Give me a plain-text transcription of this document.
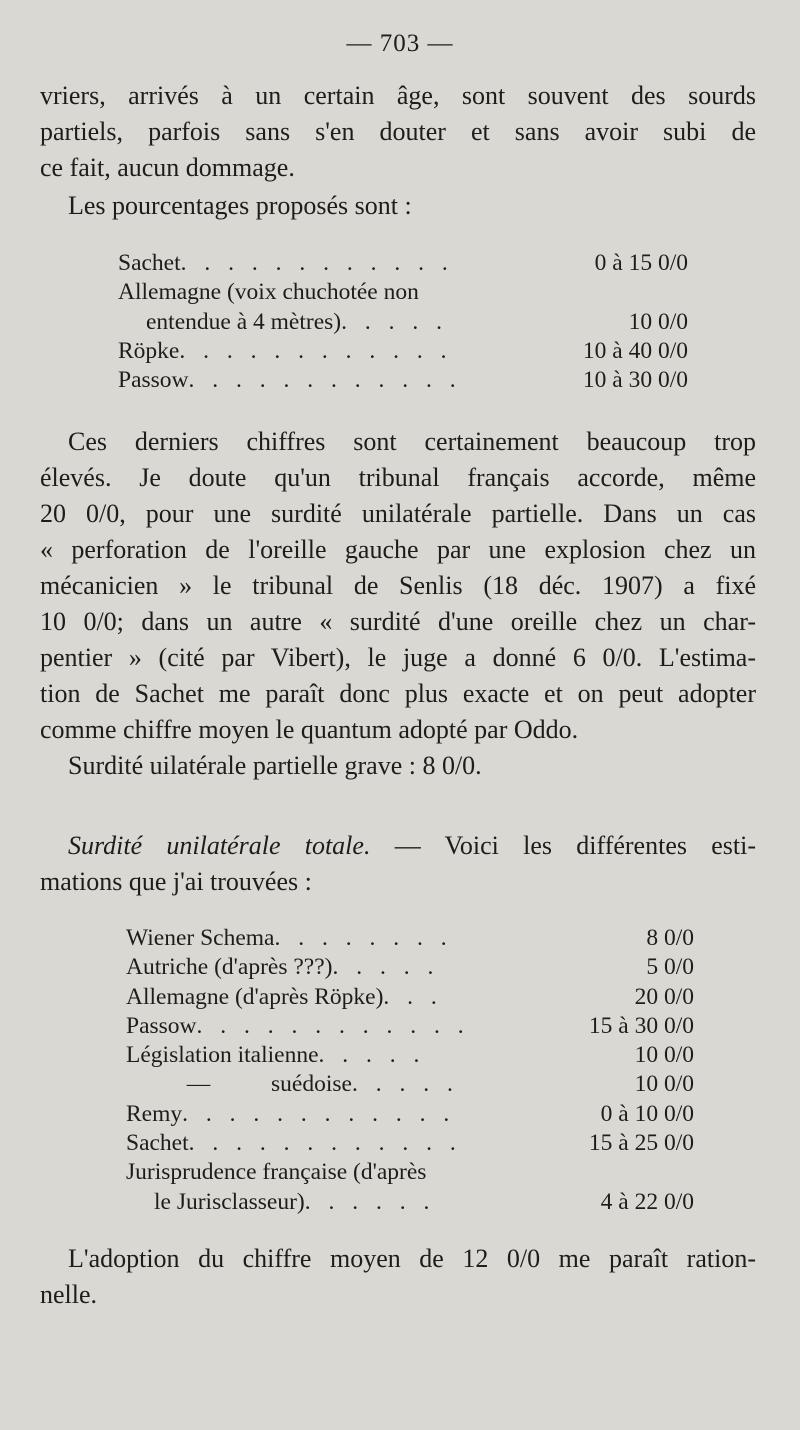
— 703 —
vriers, arrivés à un certain âge, sont souvent des sourds
partiels, parfois sans s'en douter et sans avoir subi de
ce fait, aucun dommage.
Les pourcentages proposés sont :
Sachet. . . . . . . . . . . .	0 à 15 0/0
Allemagne (voix chuchotée non
entendue à 4 mètres). . . . .	10 0/0
Röpke. . . . . . . . . . . .	10 à 40 0/0
Passow. . . . . . . . . . . .	10 à 30 0/0
Ces derniers chiffres sont certainement beaucoup trop
élevés. Je doute qu'un tribunal français accorde, même
20 0/0, pour une surdité unilatérale partielle. Dans un cas
« perforation de l'oreille gauche par une explosion chez un
mécanicien » le tribunal de Senlis (18 déc. 1907) a fixé
10 0/0; dans un autre « surdité d'une oreille chez un char-
pentier » (cité par Vibert), le juge a donné 6 0/0. L'estima-
tion de Sachet me paraît donc plus exacte et on peut adopter
comme chiffre moyen le quantum adopté par Oddo.
Surdité uilatérale partielle grave : 8 0/0.
Surdité unilatérale totale. — Voici les différentes esti-
mations que j'ai trouvées :
Wiener Schema. . . . . . . .	8 0/0
Autriche (d'après ???). . . . .	5 0/0
Allemagne (d'après Röpke). . .	20 0/0
Passow. . . . . . . . . . . .	15 à 30 0/0
Législation italienne. . . . .	10 0/0
—	suédoise. . . . .	10 0/0
Remy. . . . . . . . . . . .	0 à 10 0/0
Sachet. . . . . . . . . . . .	15 à 25 0/0
Jurisprudence française (d'après
le Jurisclasseur). . . . . .	4 à 22 0/0
L'adoption du chiffre moyen de 12 0/0 me paraît ration-
nelle.
